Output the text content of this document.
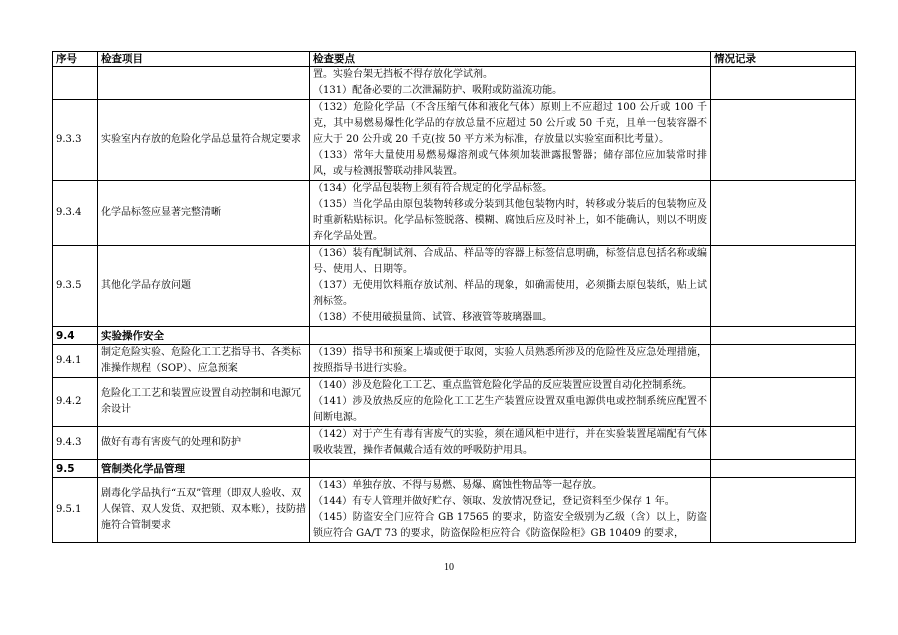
序号	检查项目	检查要点	情况记录

		置。实验台架无挡板不得存放化学试剂。
（131）配备必要的二次泄漏防护、吸附或防溢流功能。	

9.3.3	实验室内存放的危险化学品总量符合规定要求	（132）危险化学品（不含压缩气体和液化气体）原则上不应超过 100 公斤或 100 千克，其中易燃易爆性化学品的存放总量不应超过 50 公斤或 50 千克，且单一包装容器不应大于 20 公升或 20 千克(按 50 平方米为标准，存放量以实验室面积比考量）。
（133）常年大量使用易燃易爆溶剂或气体须加装泄露报警器；储存部位应加装常时排风，或与检测报警联动排风装置。	

9.3.4	化学品标签应显著完整清晰	（134）化学品包装物上须有符合规定的化学品标签。
（135）当化学品由原包装物转移或分装到其他包装物内时，转移或分装后的包装物应及时重新粘贴标识。化学品标签脱落、模糊、腐蚀后应及时补上，如不能确认，则以不明废弃化学品处置。	

9.3.5	其他化学品存放问题	（136）装有配制试剂、合成品、样品等的容器上标签信息明确，标签信息包括名称或编号、使用人、日期等。
（137）无使用饮料瓶存放试剂、样品的现象，如确需使用，必须撕去原包装纸，贴上试剂标签。
（138）不使用破损量筒、试管、移液管等玻璃器皿。	

9.4	实验操作安全		
9.4.1	制定危险实验、危险化工工艺指导书、各类标准操作规程（SOP）、应急预案	（139）指导书和预案上墙或便于取阅，实验人员熟悉所涉及的危险性及应急处理措施，按照指导书进行实验。	

9.4.2	危险化工工艺和装置应设置自动控制和电源冗余设计	（140）涉及危险化工工艺、重点监管危险化学品的反应装置应设置自动化控制系统。
（141）涉及放热反应的危险化工工艺生产装置应设置双重电源供电或控制系统应配置不间断电源。	

9.4.3	做好有毒有害废气的处理和防护	（142）对于产生有毒有害废气的实验，须在通风柜中进行，并在实验装置尾端配有气体吸收装置，操作者佩戴合适有效的呼吸防护用具。	

9.5	管制类化学品管理		
9.5.1	剧毒化学品执行“五双”管理（即双人验收、双人保管、双人发货、双把锁、双本账），技防措施符合管制要求	（143）单独存放、不得与易燃、易爆、腐蚀性物品等一起存放。
（144）有专人管理并做好贮存、领取、发放情况登记，登记资料至少保存 1 年。
（145）防盗安全门应符合 GB 17565 的要求，防盗安全级别为乙级（含）以上，防盗锁应符合 GA/T 73 的要求，防盗保险柜应符合《防盗保险柜》GB 10409 的要求，	

10
